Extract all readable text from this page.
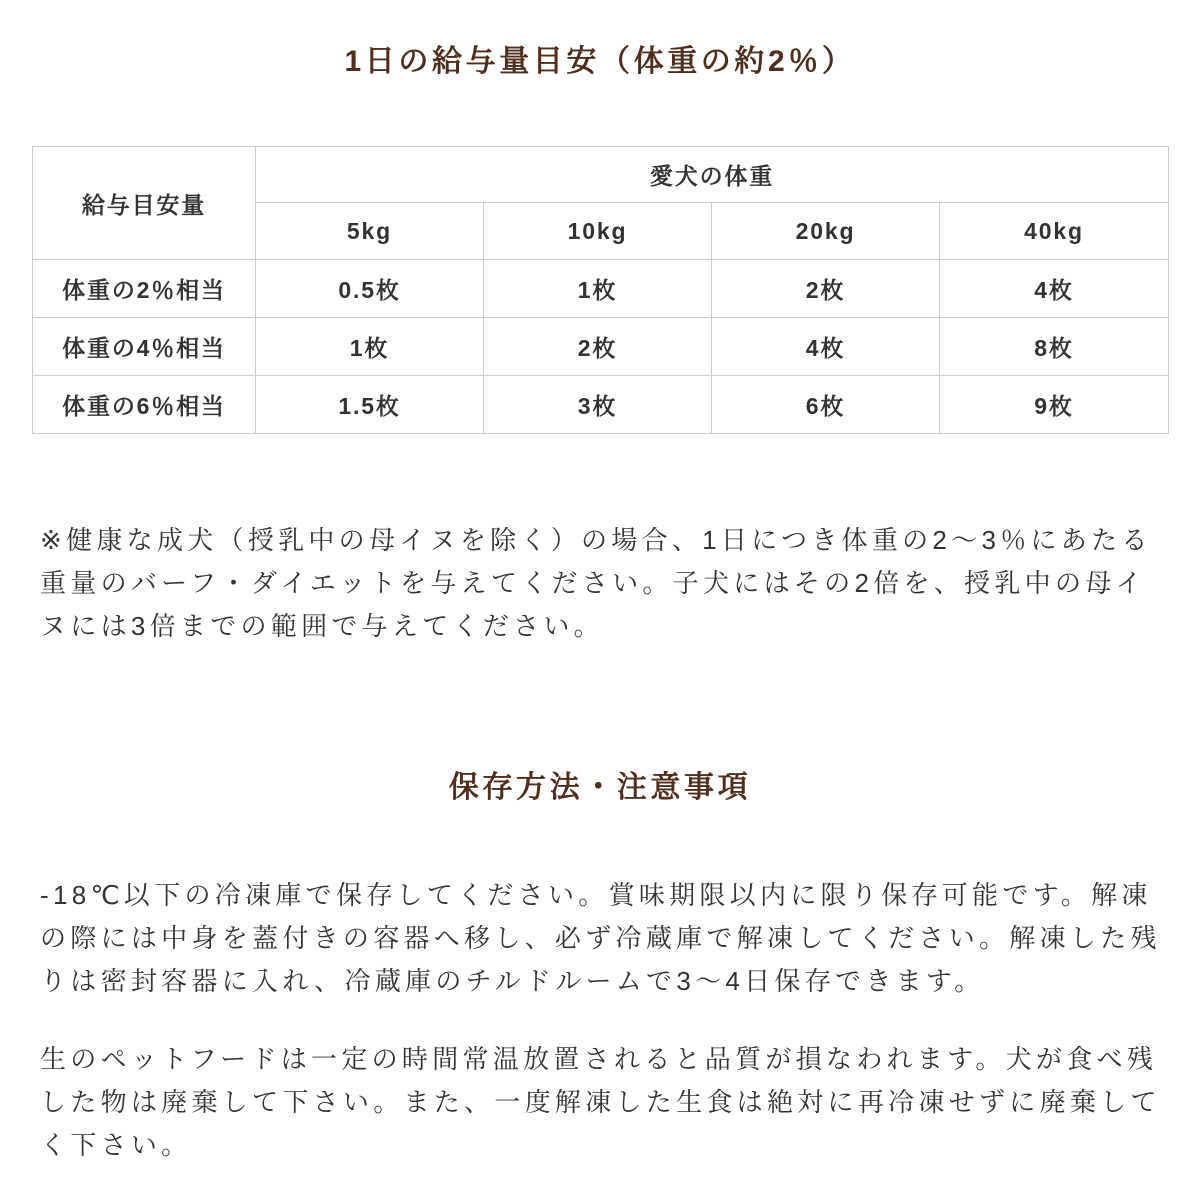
1日の給与量目安（体重の約2％）
給与目安量	愛犬の体重			
	5kg	10kg	20kg	40kg
体重の2％相当	0.5枚	1枚	2枚	4枚
体重の4％相当	1枚	2枚	4枚	8枚
体重の6％相当	1.5枚	3枚	6枚	9枚

※健康な成犬（授乳中の母イヌを除く）の場合、1日につき体重の2～3％にあたる重量のバーフ・ダイエットを与えてください。子犬にはその2倍を、授乳中の母イヌには3倍までの範囲で与えてください。

保存方法・注意事項

-18℃以下の冷凍庫で保存してください。賞味期限以内に限り保存可能です。解凍の際には中身を蓋付きの容器へ移し、必ず冷蔵庫で解凍してください。解凍した残りは密封容器に入れ、冷蔵庫のチルドルームで3～4日保存できます。

生のペットフードは一定の時間常温放置されると品質が損なわれます。犬が食べ残した物は廃棄して下さい。また、一度解凍した生食は絶対に再冷凍せずに廃棄してく下さい。
